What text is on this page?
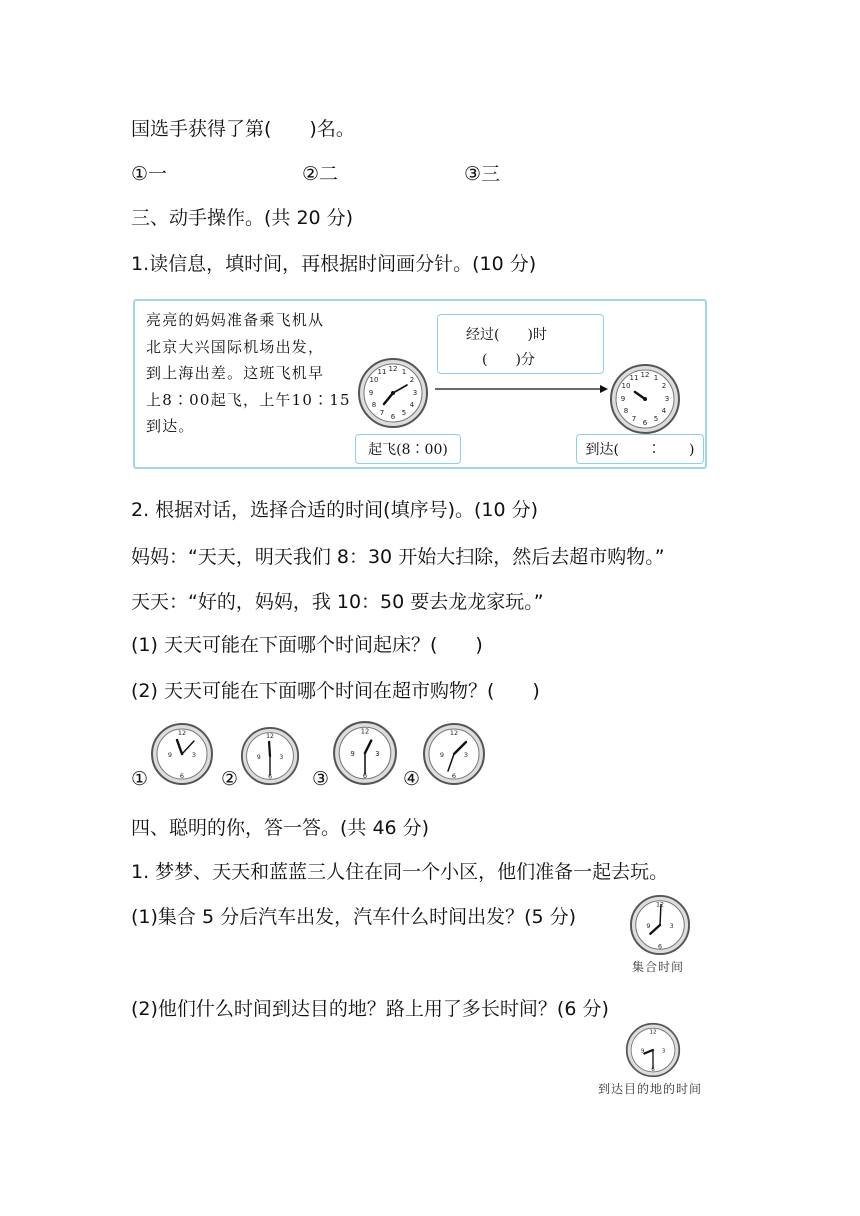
国选手获得了第(　　)名。
①一	②二	③三
三、动手操作。(共 20 分)
1.读信息，填时间，再根据时间画分针。(10 分)
亮亮的妈妈准备乘飞机从
北京大兴国际机场出发，
到上海出差。这班飞机早
上8∶00起飞，上午10∶15
到达。
12 1
2
3
4
5
6
7
8
9
10
11
经过(　　)时
(　　)分
12 1
2
3
4
5
6
7
8
9
10
11
起飞(8∶00)	到达(　　∶　　)
2. 根据对话，选择合适的时间(填序号)。(10 分)
妈妈：“天天，明天我们 8：30 开始大扫除，然后去超市购物。”
天天：“好的，妈妈，我 10：50 要去龙龙家玩。”
(1) 天天可能在下面哪个时间起床？(　　)
(2) 天天可能在下面哪个时间在超市购物？(　　)
①
12
3
6
9
②
12
3
6
9
③
12
3
6
9
④
12
3
6
9
四、聪明的你，答一答。(共 46 分)
1. 梦梦、天天和蓝蓝三人住在同一个小区，他们准备一起去玩。
(1)集合 5 分后汽车出发，汽车什么时间出发？(5 分)
12
3
6
9
集合时间
(2)他们什么时间到达目的地？路上用了多长时间？(6 分)
12
3
6
9
到达目的地的时间
